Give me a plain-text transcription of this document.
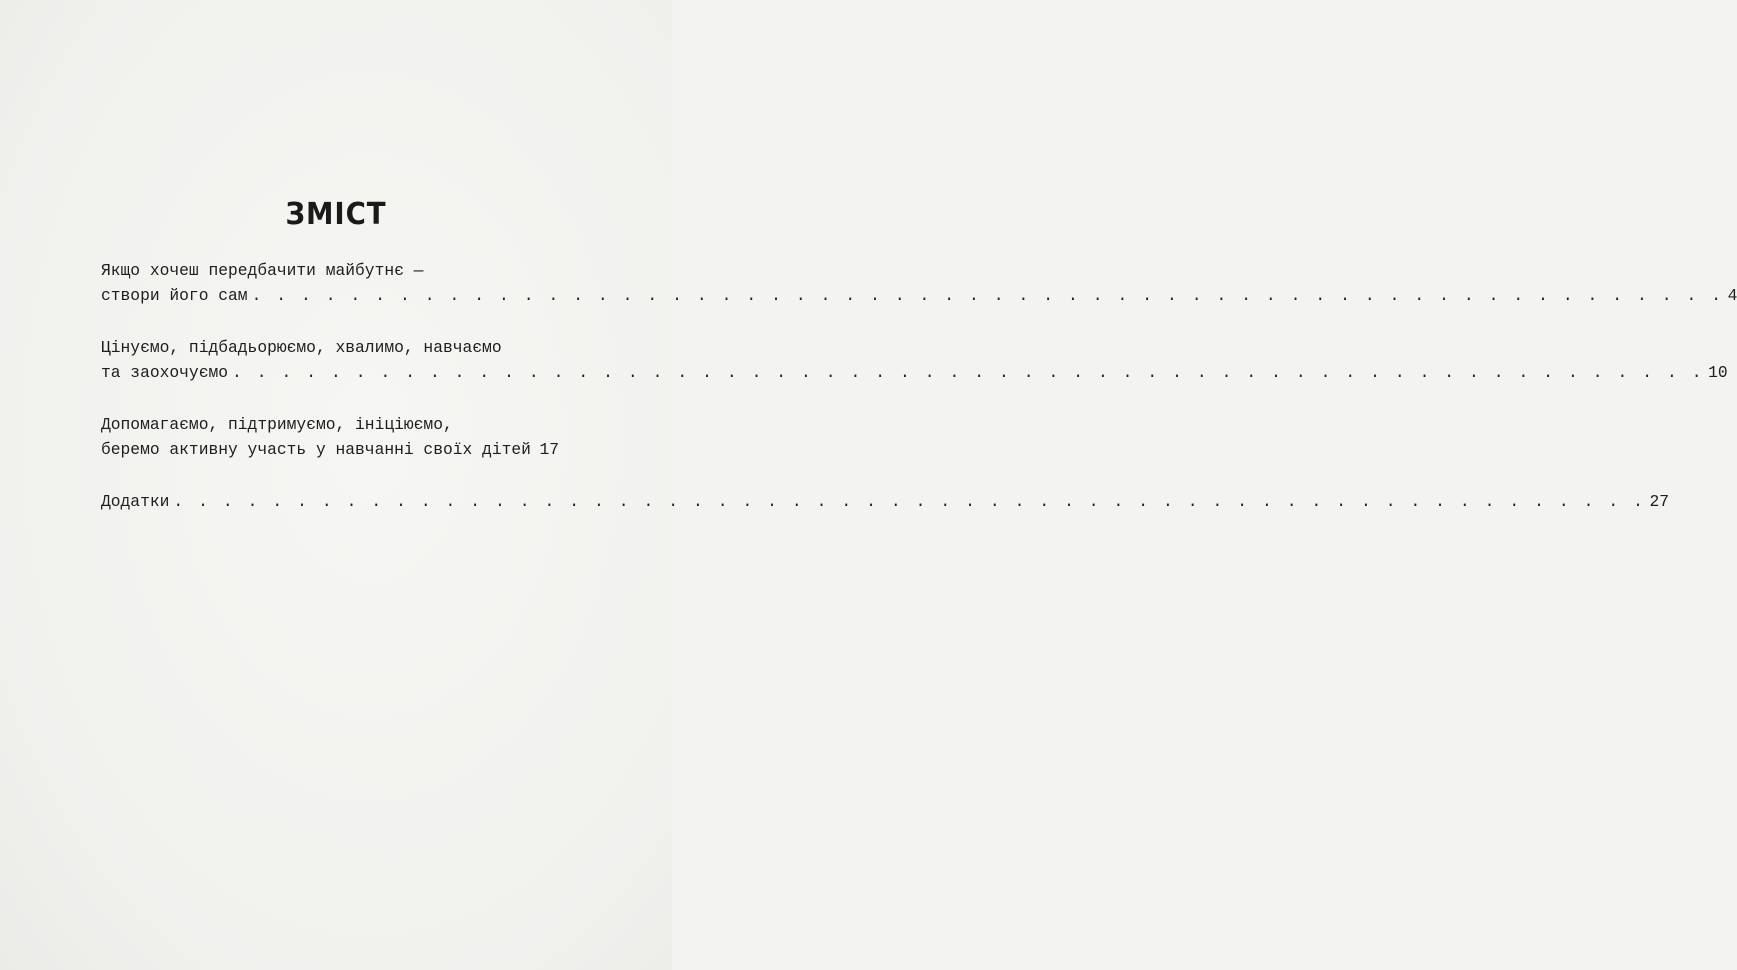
ЗМІСТ
Якщо хочеш передбачити майбутнє —
створи його сам . . . . . . . . . . . . . . . . . . . . . . . . . . . . . . . . . . . . . . . . . . . . . . . . . . . . . . . . . . . . 4
Цінуємо, підбадьорюємо, хвалимо, навчаємо
та заохочуємо . . . . . . . . . . . . . . . . . . . . . . . . . . . . . . . . . . . . . . . . . . . . . . . . . . . . . . . . . . . . 10
Допомагаємо, підтримуємо, ініціюємо,
беремо активну участь у навчанні своїх дітей 17
Додатки . . . . . . . . . . . . . . . . . . . . . . . . . . . . . . . . . . . . . . . . . . . . . . . . . . . . . . . . . . . . 27
